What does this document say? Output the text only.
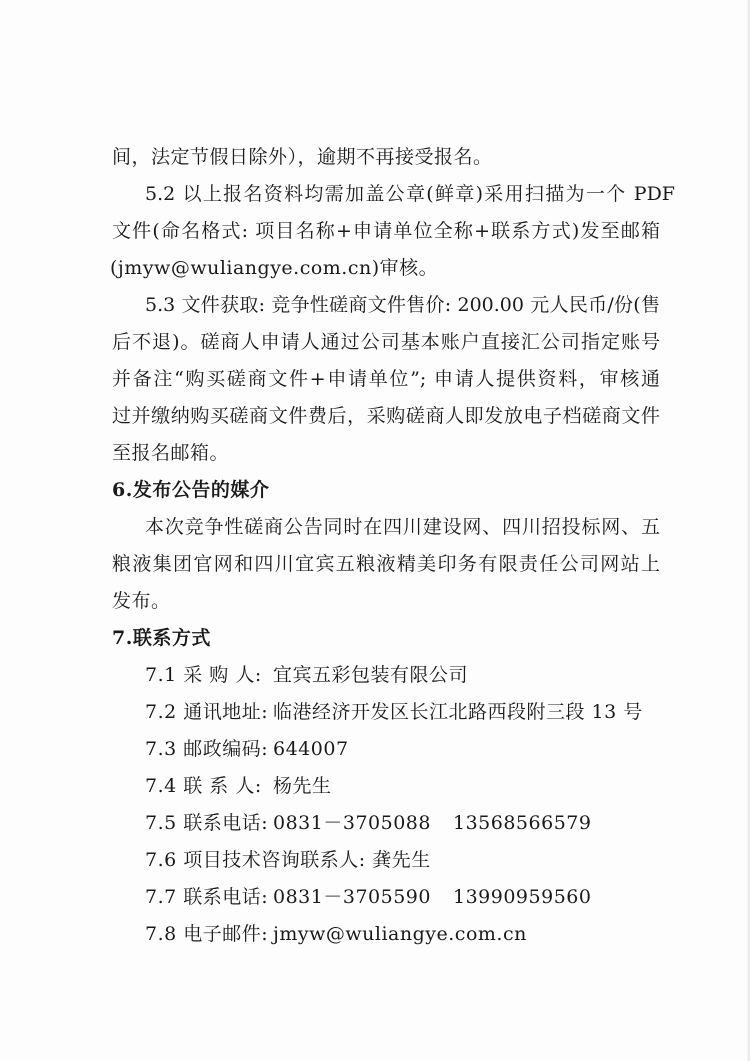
间，法定节假日除外），逾期不再接受报名。
5.2 以上报名资料均需加盖公章(鲜章)采用扫描为一个 PDF
文件(命名格式: 项目名称+申请单位全称+联系方式)发至邮箱
(jmyw@wuliangye.com.cn)审核。
5.3 文件获取: 竞争性磋商文件售价: 200.00 元人民币/份(售
后不退)。磋商人申请人通过公司基本账户直接汇公司指定账号
并备注“购买磋商文件+申请单位”; 申请人提供资料，审核通
过并缴纳购买磋商文件费后，采购磋商人即发放电子档磋商文件
至报名邮箱。
6.发布公告的媒介
本次竞争性磋商公告同时在四川建设网、四川招投标网、五
粮液集团官网和四川宜宾五粮液精美印务有限责任公司网站上
发布。
7.联系方式
7.1 采 购 人: 宜宾五彩包装有限公司
7.2 通讯地址: 临港经济开发区长江北路西段附三段 13 号
7.3 邮政编码: 644007
7.4 联 系 人: 杨先生
7.5 联系电话: 0831－3705088 13568566579
7.6 项目技术咨询联系人: 龚先生
7.7 联系电话: 0831－3705590 13990959560
7.8 电子邮件: jmyw@wuliangye.com.cn
